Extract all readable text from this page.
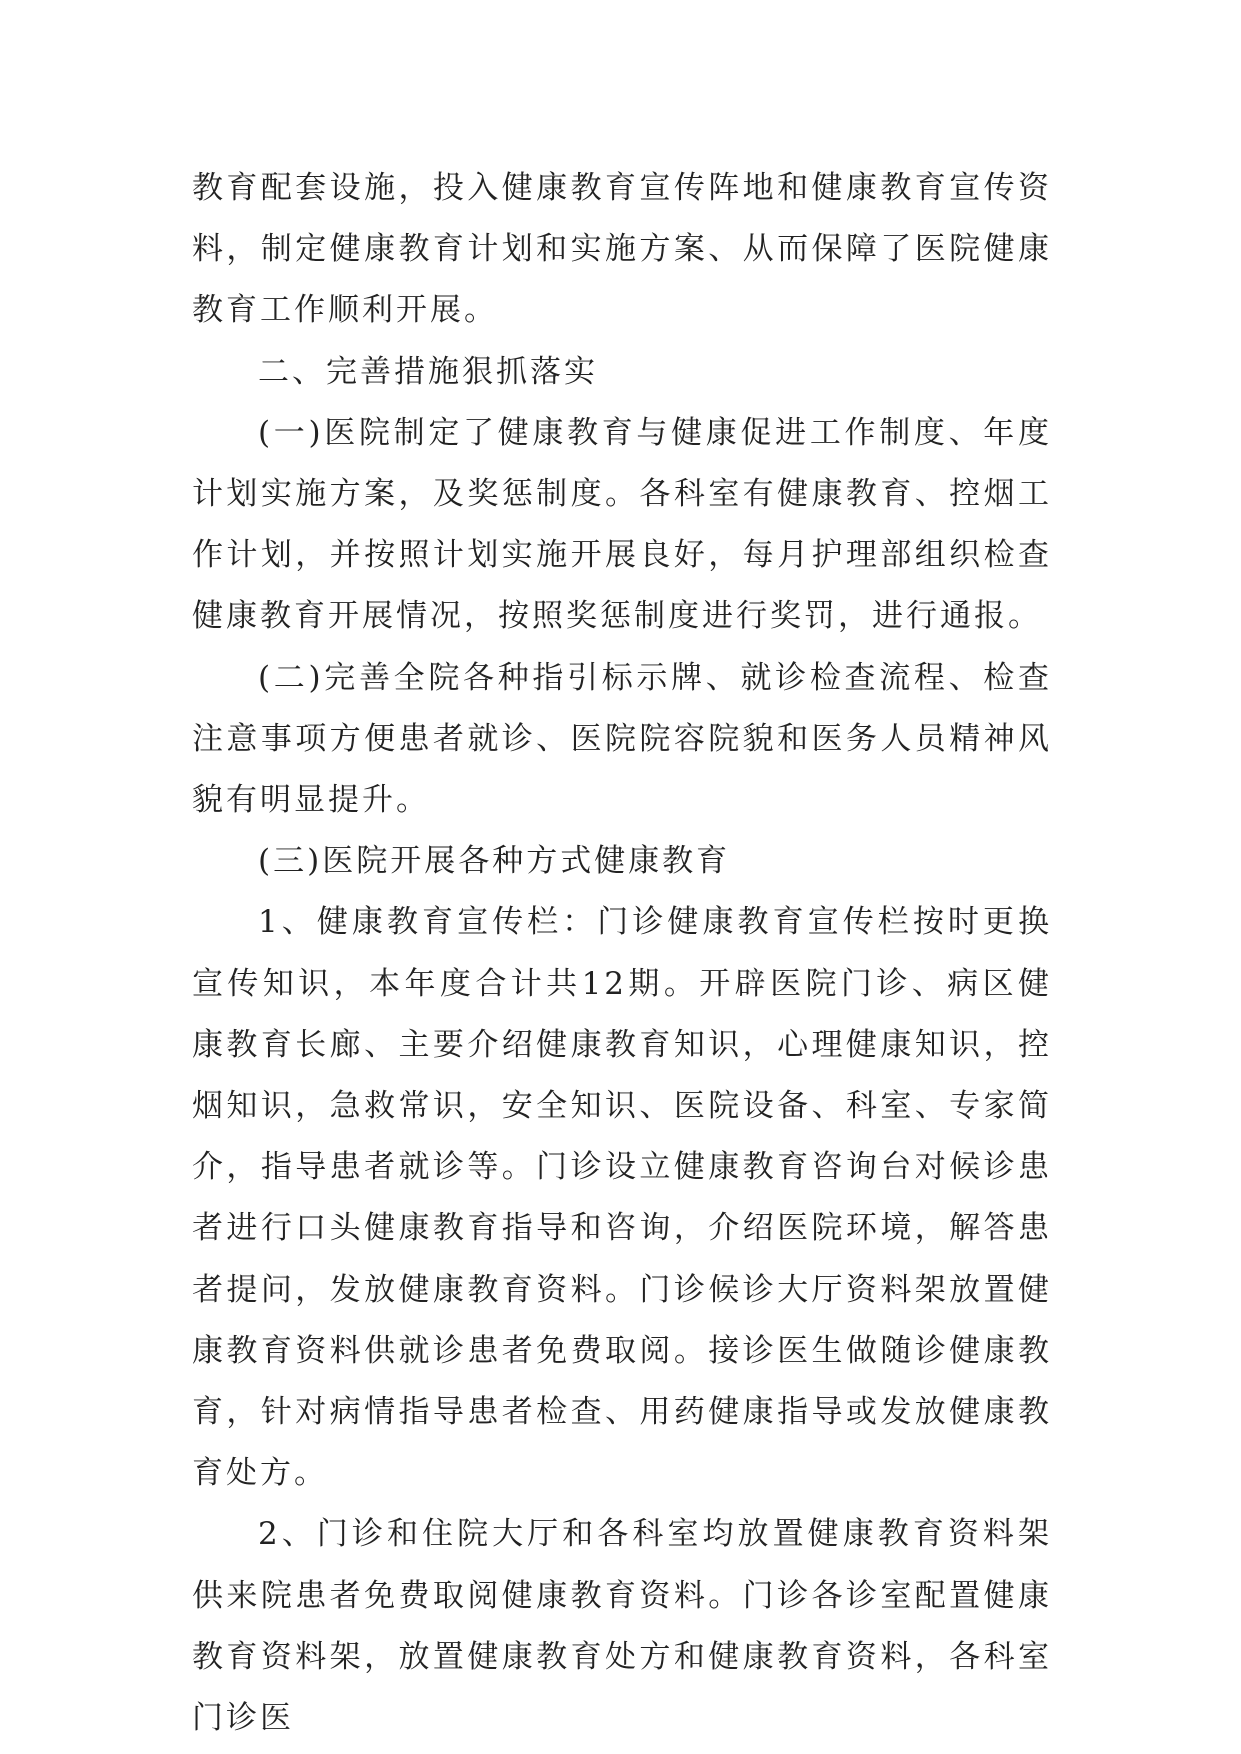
教育配套设施，投入健康教育宣传阵地和健康教育宣传资料，制定健康教育计划和实施方案、从而保障了医院健康教育工作顺利开展。

二、完善措施狠抓落实

(一)医院制定了健康教育与健康促进工作制度、年度计划实施方案，及奖惩制度。各科室有健康教育、控烟工作计划，并按照计划实施开展良好，每月护理部组织检查健康教育开展情况，按照奖惩制度进行奖罚，进行通报。

(二)完善全院各种指引标示牌、就诊检查流程、检查注意事项方便患者就诊、医院院容院貌和医务人员精神风貌有明显提升。

(三)医院开展各种方式健康教育

1、健康教育宣传栏：门诊健康教育宣传栏按时更换宣传知识，本年度合计共12期。开辟医院门诊、病区健康教育长廊、主要介绍健康教育知识，心理健康知识，控烟知识，急救常识，安全知识、医院设备、科室、专家简介，指导患者就诊等。门诊设立健康教育咨询台对候诊患者进行口头健康教育指导和咨询，介绍医院环境，解答患者提问，发放健康教育资料。门诊候诊大厅资料架放置健康教育资料供就诊患者免费取阅。接诊医生做随诊健康教育，针对病情指导患者检查、用药健康指导或发放健康教育处方。

2、门诊和住院大厅和各科室均放置健康教育资料架供来院患者免费取阅健康教育资料。门诊各诊室配置健康教育资料架，放置健康教育处方和健康教育资料，各科室门诊医
